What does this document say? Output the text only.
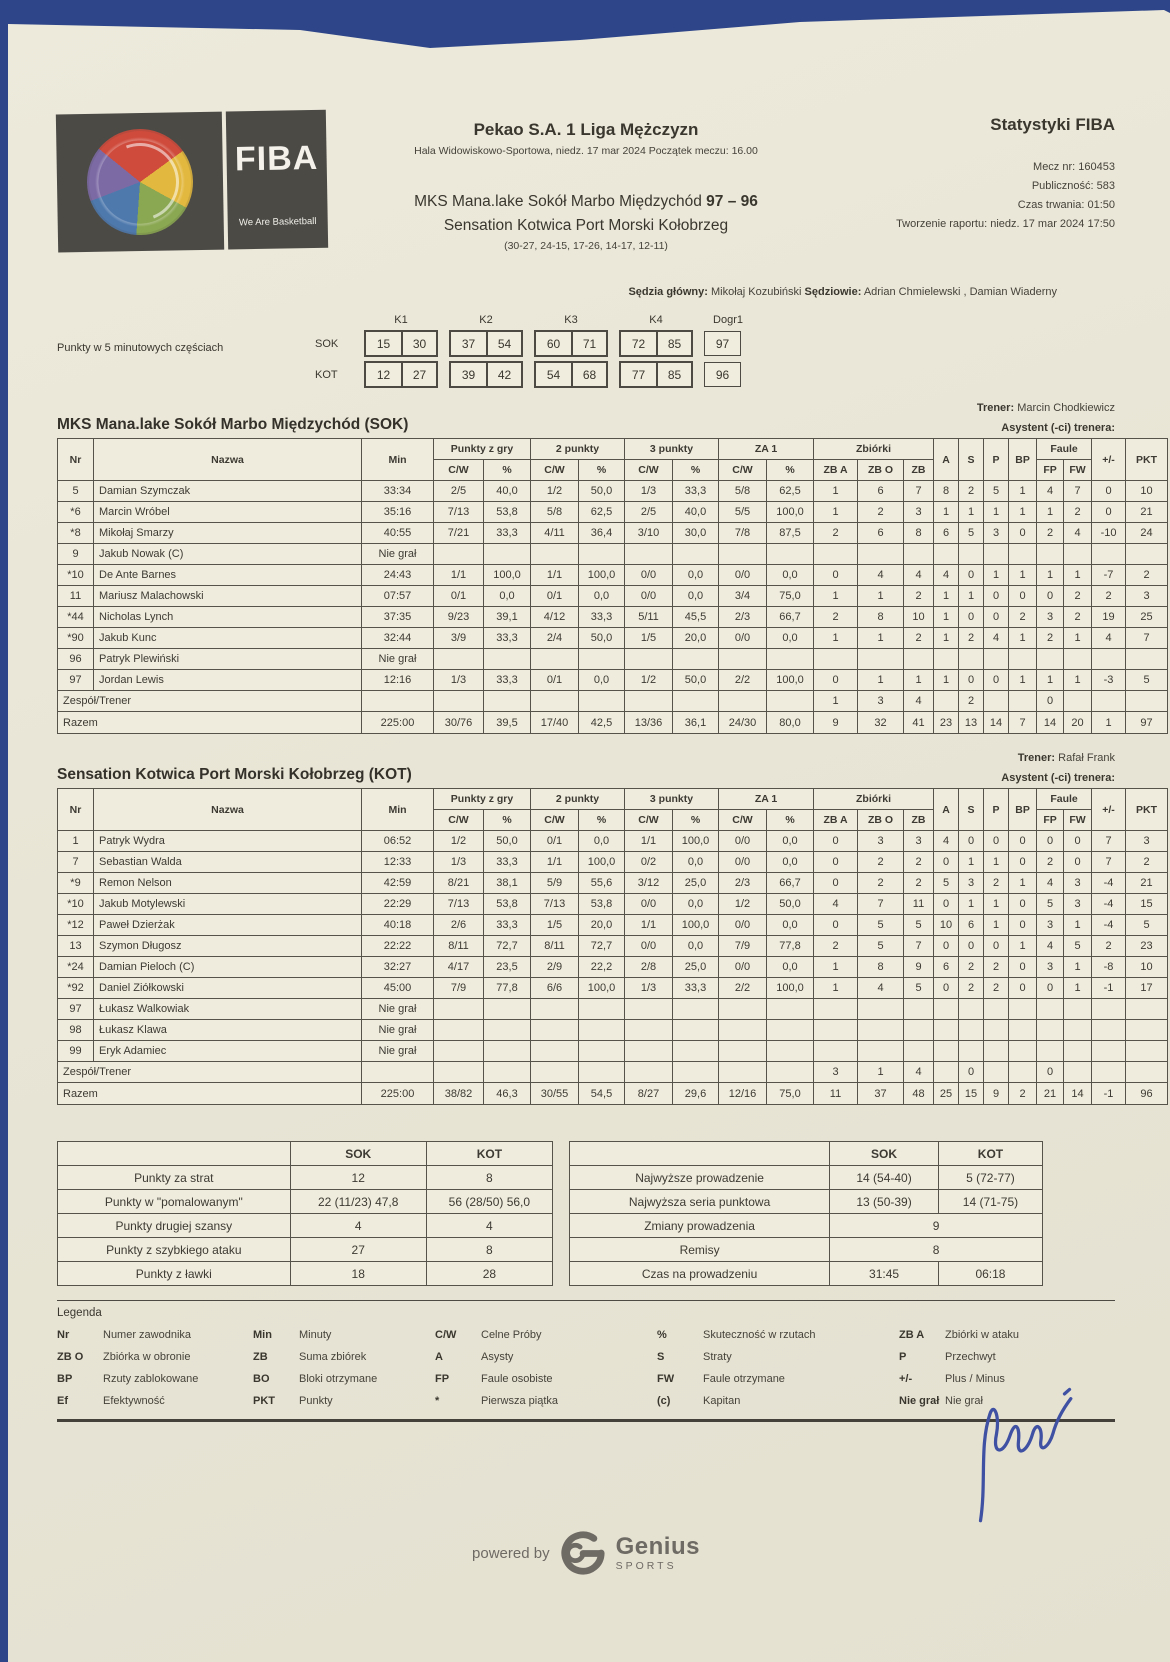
FIBA
We Are Basketball
Pekao S.A. 1 Liga Mężczyzn
Hala Widowiskowo-Sportowa, niedz. 17 mar 2024 Początek meczu: 16.00
MKS Mana.lake Sokół Marbo Międzychód 97 – 96
Sensation Kotwica Port Morski Kołobrzeg
(30-27, 24-15, 17-26, 14-17, 12-11)
Statystyki FIBA
Mecz nr: 160453
Publiczność: 583
Czas trwania: 01:50
Tworzenie raportu: niedz. 17 mar 2024 17:50
Sędzia główny: Mikołaj Kozubiński Sędziowie: Adrian Chmielewski , Damian Wiaderny
Punkty w 5 minutowych częściach
K1	K2	K3	K4	Dogr1
SOK	15	30	37	54	60	71	72	85	97
KOT	12	27	39	42	54	68	77	85	96
Trener: Marcin Chodkiewicz
MKS Mana.lake Sokół Marbo Międzychód (SOK)	Asystent (-ci) trenera:
Nr	Nazwa	Min	Punkty z gry		2 punkty		3 punkty		ZA 1		Zbiórki			A	S	P	BP	Faule		+/-	PKT
			C/W	%	C/W	%	C/W	%	C/W	%	ZB A	ZB O	ZB					FP	FW		
5	Damian Szymczak	33:34	2/5	40,0	1/2	50,0	1/3	33,3	5/8	62,5	1	6	7	8	2	5	1	4	7	0	10
*6	Marcin Wróbel	35:16	7/13	53,8	5/8	62,5	2/5	40,0	5/5	100,0	1	2	3	1	1	1	1	1	2	0	21
*8	Mikołaj Smarzy	40:55	7/21	33,3	4/11	36,4	3/10	30,0	7/8	87,5	2	6	8	6	5	3	0	2	4	-10	24
9	Jakub Nowak (C)	Nie grał																			
*10	De Ante Barnes	24:43	1/1	100,0	1/1	100,0	0/0	0,0	0/0	0,0	0	4	4	4	0	1	1	1	1	-7	2
11	Mariusz Malachowski	07:57	0/1	0,0	0/1	0,0	0/0	0,0	3/4	75,0	1	1	2	1	1	0	0	0	2	2	3
*44	Nicholas Lynch	37:35	9/23	39,1	4/12	33,3	5/11	45,5	2/3	66,7	2	8	10	1	0	0	2	3	2	19	25
*90	Jakub Kunc	32:44	3/9	33,3	2/4	50,0	1/5	20,0	0/0	0,0	1	1	2	1	2	4	1	2	1	4	7
96	Patryk Plewiński	Nie grał																			
97	Jordan Lewis	12:16	1/3	33,3	0/1	0,0	1/2	50,0	2/2	100,0	0	1	1	1	0	0	1	1	1	-3	5
Zespół/Trener											1	3	4		2			0			
Razem		225:00	30/76	39,5	17/40	42,5	13/36	36,1	24/30	80,0	9	32	41	23	13	14	7	14	20	1	97
Trener: Rafał Frank
Sensation Kotwica Port Morski Kołobrzeg (KOT)	Asystent (-ci) trenera:
Nr	Nazwa	Min	Punkty z gry		2 punkty		3 punkty		ZA 1		Zbiórki			A	S	P	BP	Faule		+/-	PKT
			C/W	%	C/W	%	C/W	%	C/W	%	ZB A	ZB O	ZB					FP	FW		
1	Patryk Wydra	06:52	1/2	50,0	0/1	0,0	1/1	100,0	0/0	0,0	0	3	3	4	0	0	0	0	0	7	3
7	Sebastian Walda	12:33	1/3	33,3	1/1	100,0	0/2	0,0	0/0	0,0	0	2	2	0	1	1	0	2	0	7	2
*9	Remon Nelson	42:59	8/21	38,1	5/9	55,6	3/12	25,0	2/3	66,7	0	2	2	5	3	2	1	4	3	-4	21
*10	Jakub Motylewski	22:29	7/13	53,8	7/13	53,8	0/0	0,0	1/2	50,0	4	7	11	0	1	1	0	5	3	-4	15
*12	Paweł Dzierżak	40:18	2/6	33,3	1/5	20,0	1/1	100,0	0/0	0,0	0	5	5	10	6	1	0	3	1	-4	5
13	Szymon Długosz	22:22	8/11	72,7	8/11	72,7	0/0	0,0	7/9	77,8	2	5	7	0	0	0	1	4	5	2	23
*24	Damian Pieloch (C)	32:27	4/17	23,5	2/9	22,2	2/8	25,0	0/0	0,0	1	8	9	6	2	2	0	3	1	-8	10
*92	Daniel Ziółkowski	45:00	7/9	77,8	6/6	100,0	1/3	33,3	2/2	100,0	1	4	5	0	2	2	0	0	1	-1	17
97	Łukasz Walkowiak	Nie grał																			
98	Łukasz Klawa	Nie grał																			
99	Eryk Adamiec	Nie grał																			
Zespół/Trener											3	1	4		0			0			
Razem		225:00	38/82	46,3	30/55	54,5	8/27	29,6	12/16	75,0	11	37	48	25	15	9	2	21	14	-1	96
	SOK	KOT
Punkty za strat	12	8
Punkty w "pomalowanym"	22 (11/23) 47,8	56 (28/50) 56,0
Punkty drugiej szansy	4	4
Punkty z szybkiego ataku	27	8
Punkty z ławki	18	28
	SOK	KOT
Najwyższe prowadzenie	14 (54-40)	5 (72-77)
Najwyższa seria punktowa	13 (50-39)	14 (71-75)
Zmiany prowadzenia	9	
Remisy	8	
Czas na prowadzeniu	31:45	06:18
Legenda
Nr	Numer zawodnika	Min	Minuty	C/W	Celne Próby	%	Skuteczność w rzutach	ZB A	Zbiórki w ataku
ZB O	Zbiórka w obronie	ZB	Suma zbiórek	A	Asysty	S	Straty	P	Przechwyt
BP	Rzuty zablokowane	BO	Bloki otrzymane	FP	Faule osobiste	FW	Faule otrzymane	+/-	Plus / Minus
Ef	Efektywność	PKT	Punkty	*	Pierwsza piątka	(c)	Kapitan	Nie grał Nie grał
powered by	Genius
SPORTS
